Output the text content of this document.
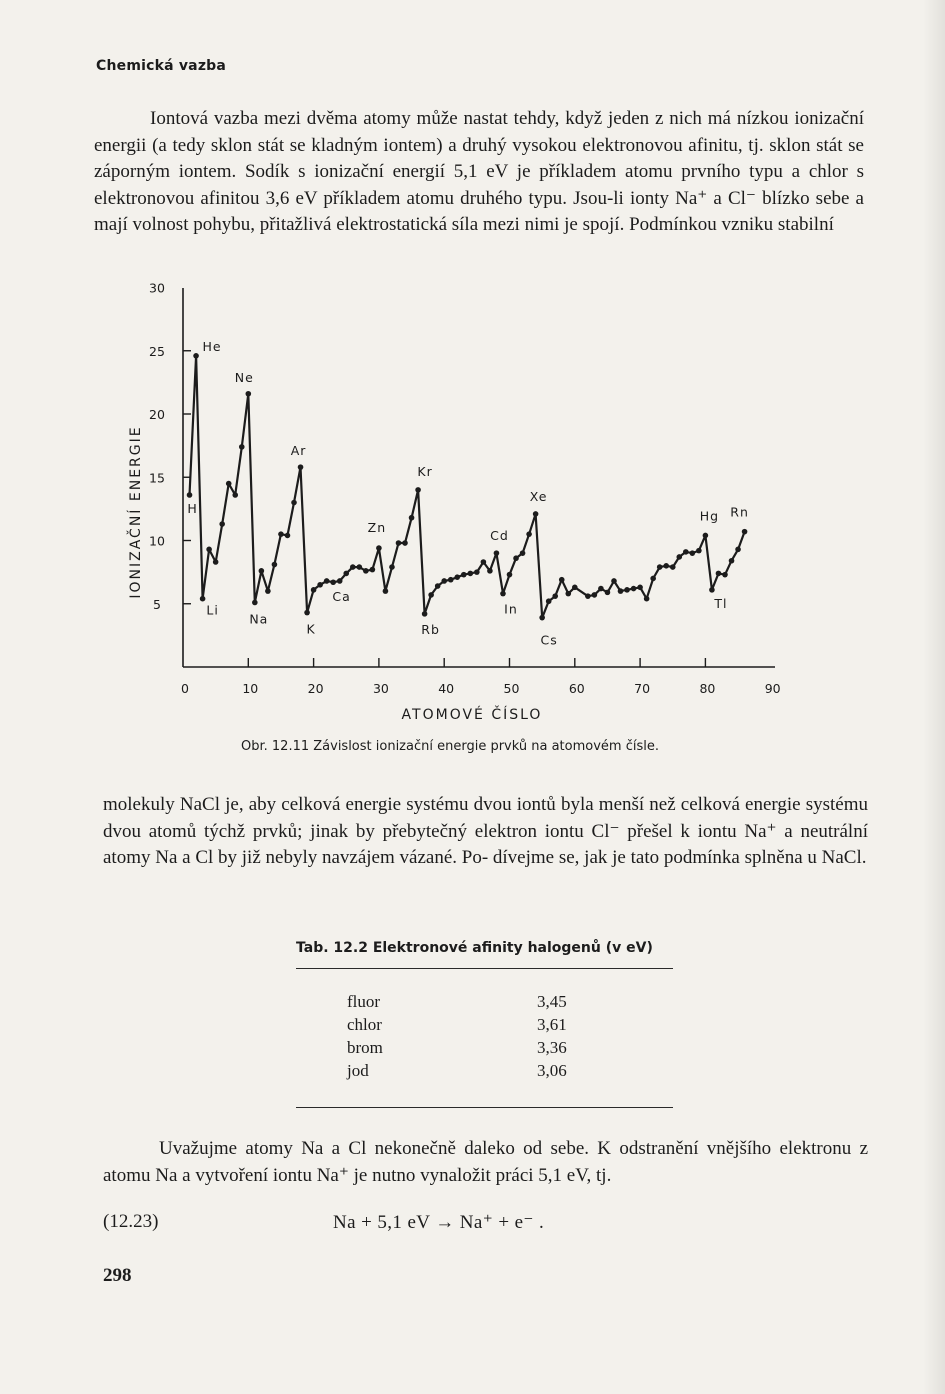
Chemická vazba

Iontová vazba mezi dvěma atomy může nastat tehdy, když jeden z nich má nízkou ionizační energii (a tedy sklon stát se kladným iontem) a druhý vysokou elektronovou afinitu, tj. sklon stát se záporným iontem. Sodík s ionizační energií 5,1 eV je příkladem atomu prvního typu a chlor s elektronovou afinitou 3,6 eV příkladem atomu druhého typu. Jsou-li ionty Na⁺ a Cl⁻ blízko sebe a mají volnost pohybu, přitažlivá elektrostatická síla mezi nimi je spojí. Podmínkou vzniku stabilní

0	10	20	30	40	50	60	70	80	90
5
10
15
20
25
30
ATOMOVÉ ČÍSLO
IONIZAČNÍ ENERGIE	H
He
Li
Ne
Na
Ar
K
Ca
Zn
Kr
Rb
Cd
In
Xe
Cs
Hg
Tl
Rn
Obr. 12.11 Závislost ionizační energie prvků na atomovém čísle.

molekuly NaCl je, aby celková energie systému dvou iontů byla menší než celková energie systému dvou atomů týchž prvků; jinak by přebytečný elektron iontu Cl⁻ přešel k iontu Na⁺ a neutrální atomy Na a Cl by již nebyly navzájem vázané. Po- dívejme se, jak je tato podmínka splněna u NaCl.

Tab. 12.2 Elektronové afinity halogenů (v eV)
fluor	3,45
chlor	3,61
brom	3,36
jod	3,06

Uvažujme atomy Na a Cl nekonečně daleko od sebe. K odstranění vnějšího elektronu z atomu Na a vytvoření iontu Na⁺ je nutno vynaložit práci 5,1 eV, tj.

(12.23)	Na + 5,1 eV → Na⁺ + e⁻ .
298
